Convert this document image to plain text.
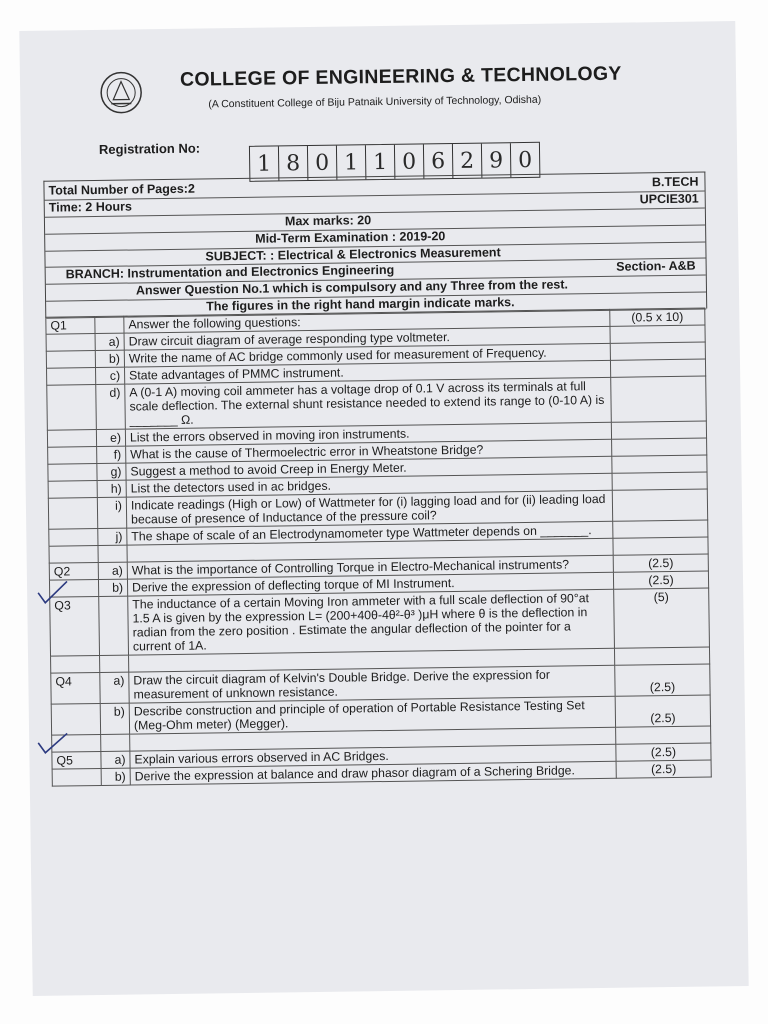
COLLEGE OF ENGINEERING & TECHNOLOGY
(A Constituent College of Biju Patnaik University of Technology, Odisha)
Registration No:
1 8 0 1 1 0 6 2 9 0
Total Number of Pages:2	B.TECH
Time: 2 Hours
UPCIE301
Max marks: 20
Mid-Term Examination : 2019-20
SUBJECT: : Electrical & Electronics Measurement
BRANCH: Instrumentation and Electronics Engineering	Section- A&B
Answer Question No.1 which is compulsory and any Three from the rest.
The figures in the right hand margin indicate marks.
Q1		Answer the following questions:	(0.5 x 10)
	a)	Draw circuit diagram of average responding type voltmeter.	
	b)	Write the name of AC bridge commonly used for measurement of Frequency.	
	c)	State advantages of PMMC instrument.	
	d)	A (0-1 A) moving coil ammeter has a voltage drop of 0.1 V across its terminals at full scale deflection. The external shunt resistance needed to extend its range to (0-10 A) is _______ Ω.	
	e)	List the errors observed in moving iron instruments.	
	f)	What is the cause of Thermoelectric error in Wheatstone Bridge?	
	g)	Suggest a method to avoid Creep in Energy Meter.	
	h)	List the detectors used in ac bridges.	
	i)	Indicate readings (High or Low) of Wattmeter for (i) lagging load and for (ii) leading load because of presence of Inductance of the pressure coil?	
	j)	The shape of scale of an Electrodynamometer type Wattmeter depends on _______.	

Q2	a)	What is the importance of Controlling Torque in Electro-Mechanical instruments?	(2.5)
	b)	Derive the expression of deflecting torque of MI Instrument.	(2.5)
Q3		The inductance of a certain Moving Iron ammeter with a full scale deflection of 90°at 1.5 A is given by the expression L= (200+40θ-4θ²-θ³ )μH where θ is the deflection in radian from the zero position . Estimate the angular deflection of the pointer for a current of 1A.	(5)

Q4	a)	Draw the circuit diagram of Kelvin's Double Bridge. Derive the expression for measurement of unknown resistance.	(2.5)
	b)	Describe construction and principle of operation of Portable Resistance Testing Set (Meg-Ohm meter) (Megger).	(2.5)

Q5	a)	Explain various errors observed in AC Bridges.	(2.5)
	b)	Derive the expression at balance and draw phasor diagram of a Schering Bridge.	(2.5)
